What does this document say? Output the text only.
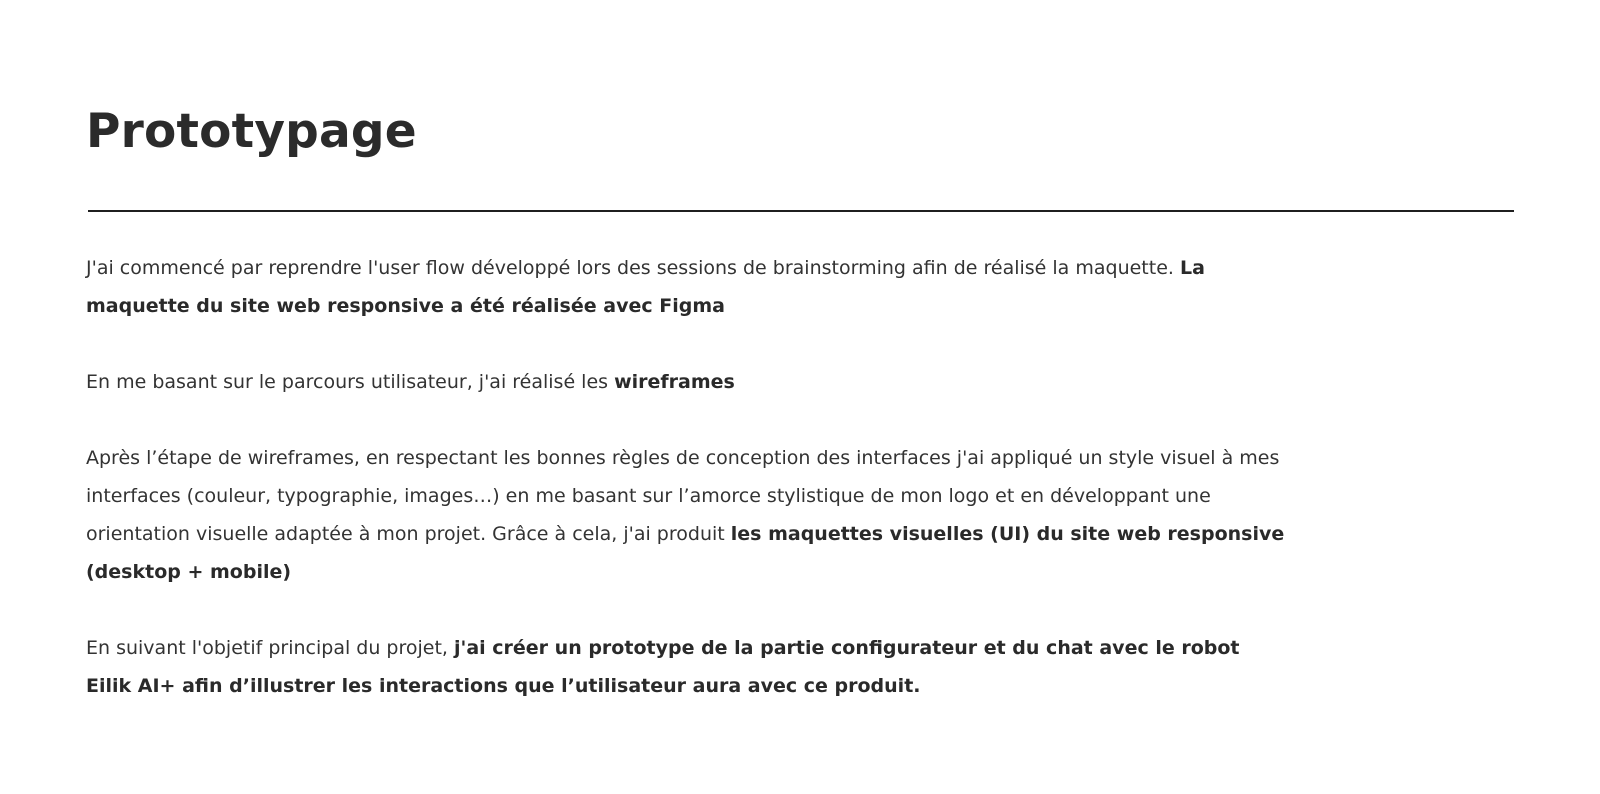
Prototypage

J'ai commencé par reprendre l'user flow développé lors des sessions de brainstorming afin de réalisé la maquette. La maquette du site web responsive a été réalisée avec Figma

En me basant sur le parcours utilisateur, j'ai réalisé les wireframes

Après l’étape de wireframes, en respectant les bonnes règles de conception des interfaces j'ai appliqué un style visuel à mes interfaces (couleur, typographie, images…) en me basant sur l’amorce stylistique de mon logo et en développant une orientation visuelle adaptée à mon projet. Grâce à cela, j'ai produit les maquettes visuelles (UI) du site web responsive (desktop + mobile)

En suivant l'objetif principal du projet, j'ai créer un prototype de la partie configurateur et du chat avec le robot Eilik AI+ afin d’illustrer les interactions que l’utilisateur aura avec ce produit.
